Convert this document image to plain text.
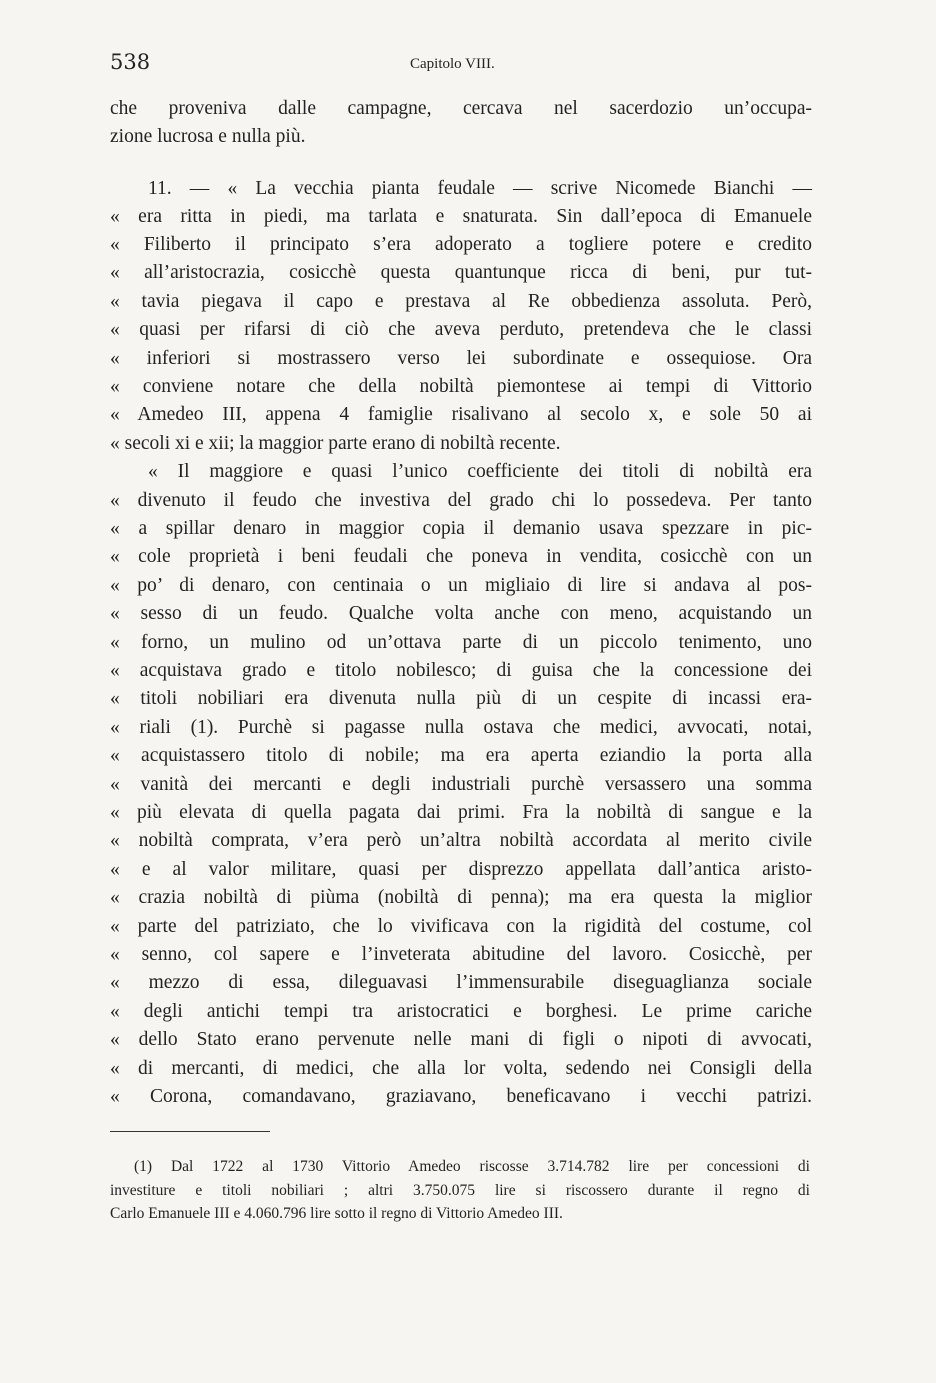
538	Capitolo VIII.
che proveniva dalle campagne, cercava nel sacerdozio un’occupa-
zione lucrosa e nulla più.
11. — « La vecchia pianta feudale — scrive Nicomede Bianchi —
« era ritta in piedi, ma tarlata e snaturata. Sin dall’epoca di Emanuele
« Filiberto il principato s’era adoperato a togliere potere e credito
« all’aristocrazia, cosicchè questa quantunque ricca di beni, pur tut-
« tavia piegava il capo e prestava al Re obbedienza assoluta. Però,
« quasi per rifarsi di ciò che aveva perduto, pretendeva che le classi
« inferiori si mostrassero verso lei subordinate e ossequiose. Ora
« conviene notare che della nobiltà piemontese ai tempi di Vittorio
« Amedeo III, appena 4 famiglie risalivano al secolo x, e sole 50 ai
« secoli xi e xii; la maggior parte erano di nobiltà recente.
« Il maggiore e quasi l’unico coefficiente dei titoli di nobiltà era
« divenuto il feudo che investiva del grado chi lo possedeva. Per tanto
« a spillar denaro in maggior copia il demanio usava spezzare in pic-
« cole proprietà i beni feudali che poneva in vendita, cosicchè con un
« po’ di denaro, con centinaia o un migliaio di lire si andava al pos-
« sesso di un feudo. Qualche volta anche con meno, acquistando un
« forno, un mulino od un’ottava parte di un piccolo tenimento, uno
« acquistava grado e titolo nobilesco; di guisa che la concessione dei
« titoli nobiliari era divenuta nulla più di un cespite di incassi era-
« riali (1). Purchè si pagasse nulla ostava che medici, avvocati, notai,
« acquistassero titolo di nobile; ma era aperta eziandio la porta alla
« vanità dei mercanti e degli industriali purchè versassero una somma
« più elevata di quella pagata dai primi. Fra la nobiltà di sangue e la
« nobiltà comprata, v’era però un’altra nobiltà accordata al merito civile
« e al valor militare, quasi per disprezzo appellata dall’antica aristo-
« crazia nobiltà di piùma (nobiltà di penna); ma era questa la miglior
« parte del patriziato, che lo vivificava con la rigidità del costume, col
« senno, col sapere e l’inveterata abitudine del lavoro. Cosicchè, per
« mezzo di essa, dileguavasi l’immensurabile diseguaglianza sociale
« degli antichi tempi tra aristocratici e borghesi. Le prime cariche
« dello Stato erano pervenute nelle mani di figli o nipoti di avvocati,
« di mercanti, di medici, che alla lor volta, sedendo nei Consigli della
« Corona, comandavano, graziavano, beneficavano i vecchi patrizi.
(1) Dal 1722 al 1730 Vittorio Amedeo riscosse 3.714.782 lire per concessioni di
investiture e titoli nobiliari ; altri 3.750.075 lire si riscossero durante il regno di
Carlo Emanuele III e 4.060.796 lire sotto il regno di Vittorio Amedeo III.
